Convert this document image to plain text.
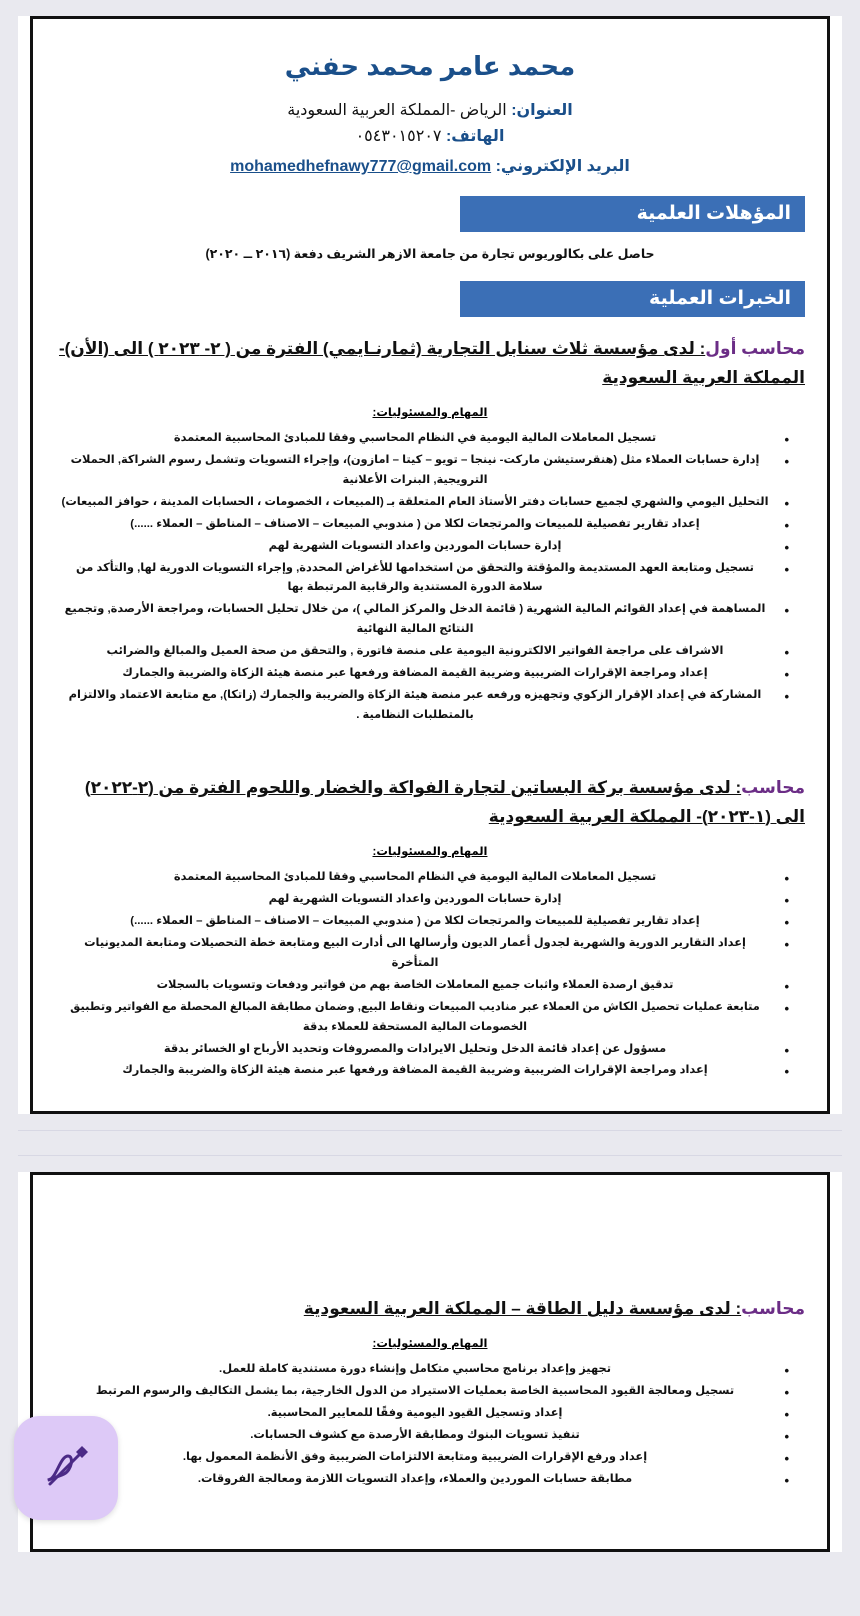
محمد عامر محمد حفني
العنوان: الرياض -المملكة العربية السعودية
الهاتف: ٠٥٤٣٠١٥٢٠٧
البريد الإلكتروني: mohamedhefnawy777@gmail.com
المؤهلات العلمية
حاصل على بكالوريوس تجارة من جامعة الازهر الشريف دفعة (٢٠١٦ ــ ٢٠٢٠)
الخبرات العملية
محاسب أول: لدى مؤسسة ثلاث سنابل التجارية (ثمارنـايمي) الفترة من ( ٢- ٢٠٢٣ ) الى (الأن)- المملكة العربية السعودية
المهام والمسئوليات:
• تسجيل المعاملات المالية اليومية في النظام المحاسبي وفقا للمبادئ المحاسبية المعتمدة
• إدارة حسابات العملاء مثل (هنقرستيشن ماركت- نينجا – تويو – كيتا – امازون)، وإجراء التسويات وتشمل رسوم الشراكة, الحملات الترويجية, البنرات الأعلانية
• التحليل اليومي والشهري لجميع حسابات دفتر الأستاذ العام المتعلقة بـ (المبيعات ، الخصومات ، الحسابات المدينة ، حوافز المبيعات)
• إعداد تقارير تفصيلية للمبيعات والمرتجعات لكلا من ( مندوبي المبيعات – الاصناف – المناطق – العملاء ......)
• إدارة حسابات الموردين واعداد التسويات الشهرية لهم
• تسجيل ومتابعة العهد المستديمة والمؤقتة والتحقق من استخدامها للأغراض المحددة, وإجراء التسويات الدورية لها, والتأكد من سلامة الدورة المستندية والرقابية المرتبطة بها
• المساهمة في إعداد القوائم المالية الشهرية ( قائمة الدخل والمركز المالي )، من خلال تحليل الحسابات، ومراجعة الأرصدة, وتجميع النتائج المالية النهائية
• الاشراف على مراجعة الفواتير الالكترونية اليومية على منصة فاتورة , والتحقق من صحة العميل والمبالغ والضرائب
• إعداد ومراجعة الإقرارات الضريبية وضريبة القيمة المضافة ورفعها عبر منصة هيئة الزكاة والضريبة والجمارك
• المشاركة في إعداد الإقرار الزكوي وتجهيزه ورفعه عبر منصة هيئة الزكاة والضريبة والجمارك (زاتكا), مع متابعة الاعتماد والالتزام بالمتطلبات النظامية .
محاسب: لدى مؤسسة بركة البساتين لتجارة الفواكة والخضار واللحوم الفترة من (٢-٢٠٢٢) الى (١-٢٠٢٣)- المملكة العربية السعودية
المهام والمسئوليات:
• تسجيل المعاملات المالية اليومية في النظام المحاسبي وفقا للمبادئ المحاسبية المعتمدة
• إدارة حسابات الموردين واعداد التسويات الشهرية لهم
• إعداد تقارير تفصيلية للمبيعات والمرتجعات لكلا من ( مندوبي المبيعات – الاصناف – المناطق – العملاء ......)
• إعداد التقارير الدورية والشهرية لجدول أعمار الديون وأرسالها الى أدارت البيع ومتابعة خطة التحصيلات ومتابعة المديونيات المتأخرة
• تدقيق ارصدة العملاء واثبات جميع المعاملات الخاصة بهم من فواتير ودفعات وتسويات بالسجلات
• متابعة عمليات تحصيل الكاش من العملاء عبر مناديب المبيعات ونقاط البيع, وضمان مطابقة المبالغ المحصلة مع الفواتير وتطبيق الخصومات المالية المستحقة للعملاء بدقة
• مسؤول عن إعداد قائمة الدخل وتحليل الايرادات والمصروفات وتحديد الأرباح او الخسائر بدقة
• إعداد ومراجعة الإقرارات الضريبية وضريبة القيمة المضافة ورفعها عبر منصة هيئة الزكاة والضريبة والجمارك
محاسب: لدى مؤسسة دليل الطاقة – المملكة العربية السعودية
المهام والمسئوليات:
• تجهيز وإعداد برنامج محاسبي متكامل وإنشاء دورة مستندية كاملة للعمل.
• تسجيل ومعالجة القيود المحاسبية الخاصة بعمليات الاستيراد من الدول الخارجية، بما يشمل التكاليف والرسوم المرتبط
• إعداد وتسجيل القيود اليومية وفقًا للمعايير المحاسبية.
• تنفيذ تسويات البنوك ومطابقة الأرصدة مع كشوف الحسابات.
• إعداد ورفع الإقرارات الضريبية ومتابعة الالتزامات الضريبية وفق الأنظمة المعمول بها.
• مطابقة حسابات الموردين والعملاء، وإعداد التسويات اللازمة ومعالجة الفروقات.
